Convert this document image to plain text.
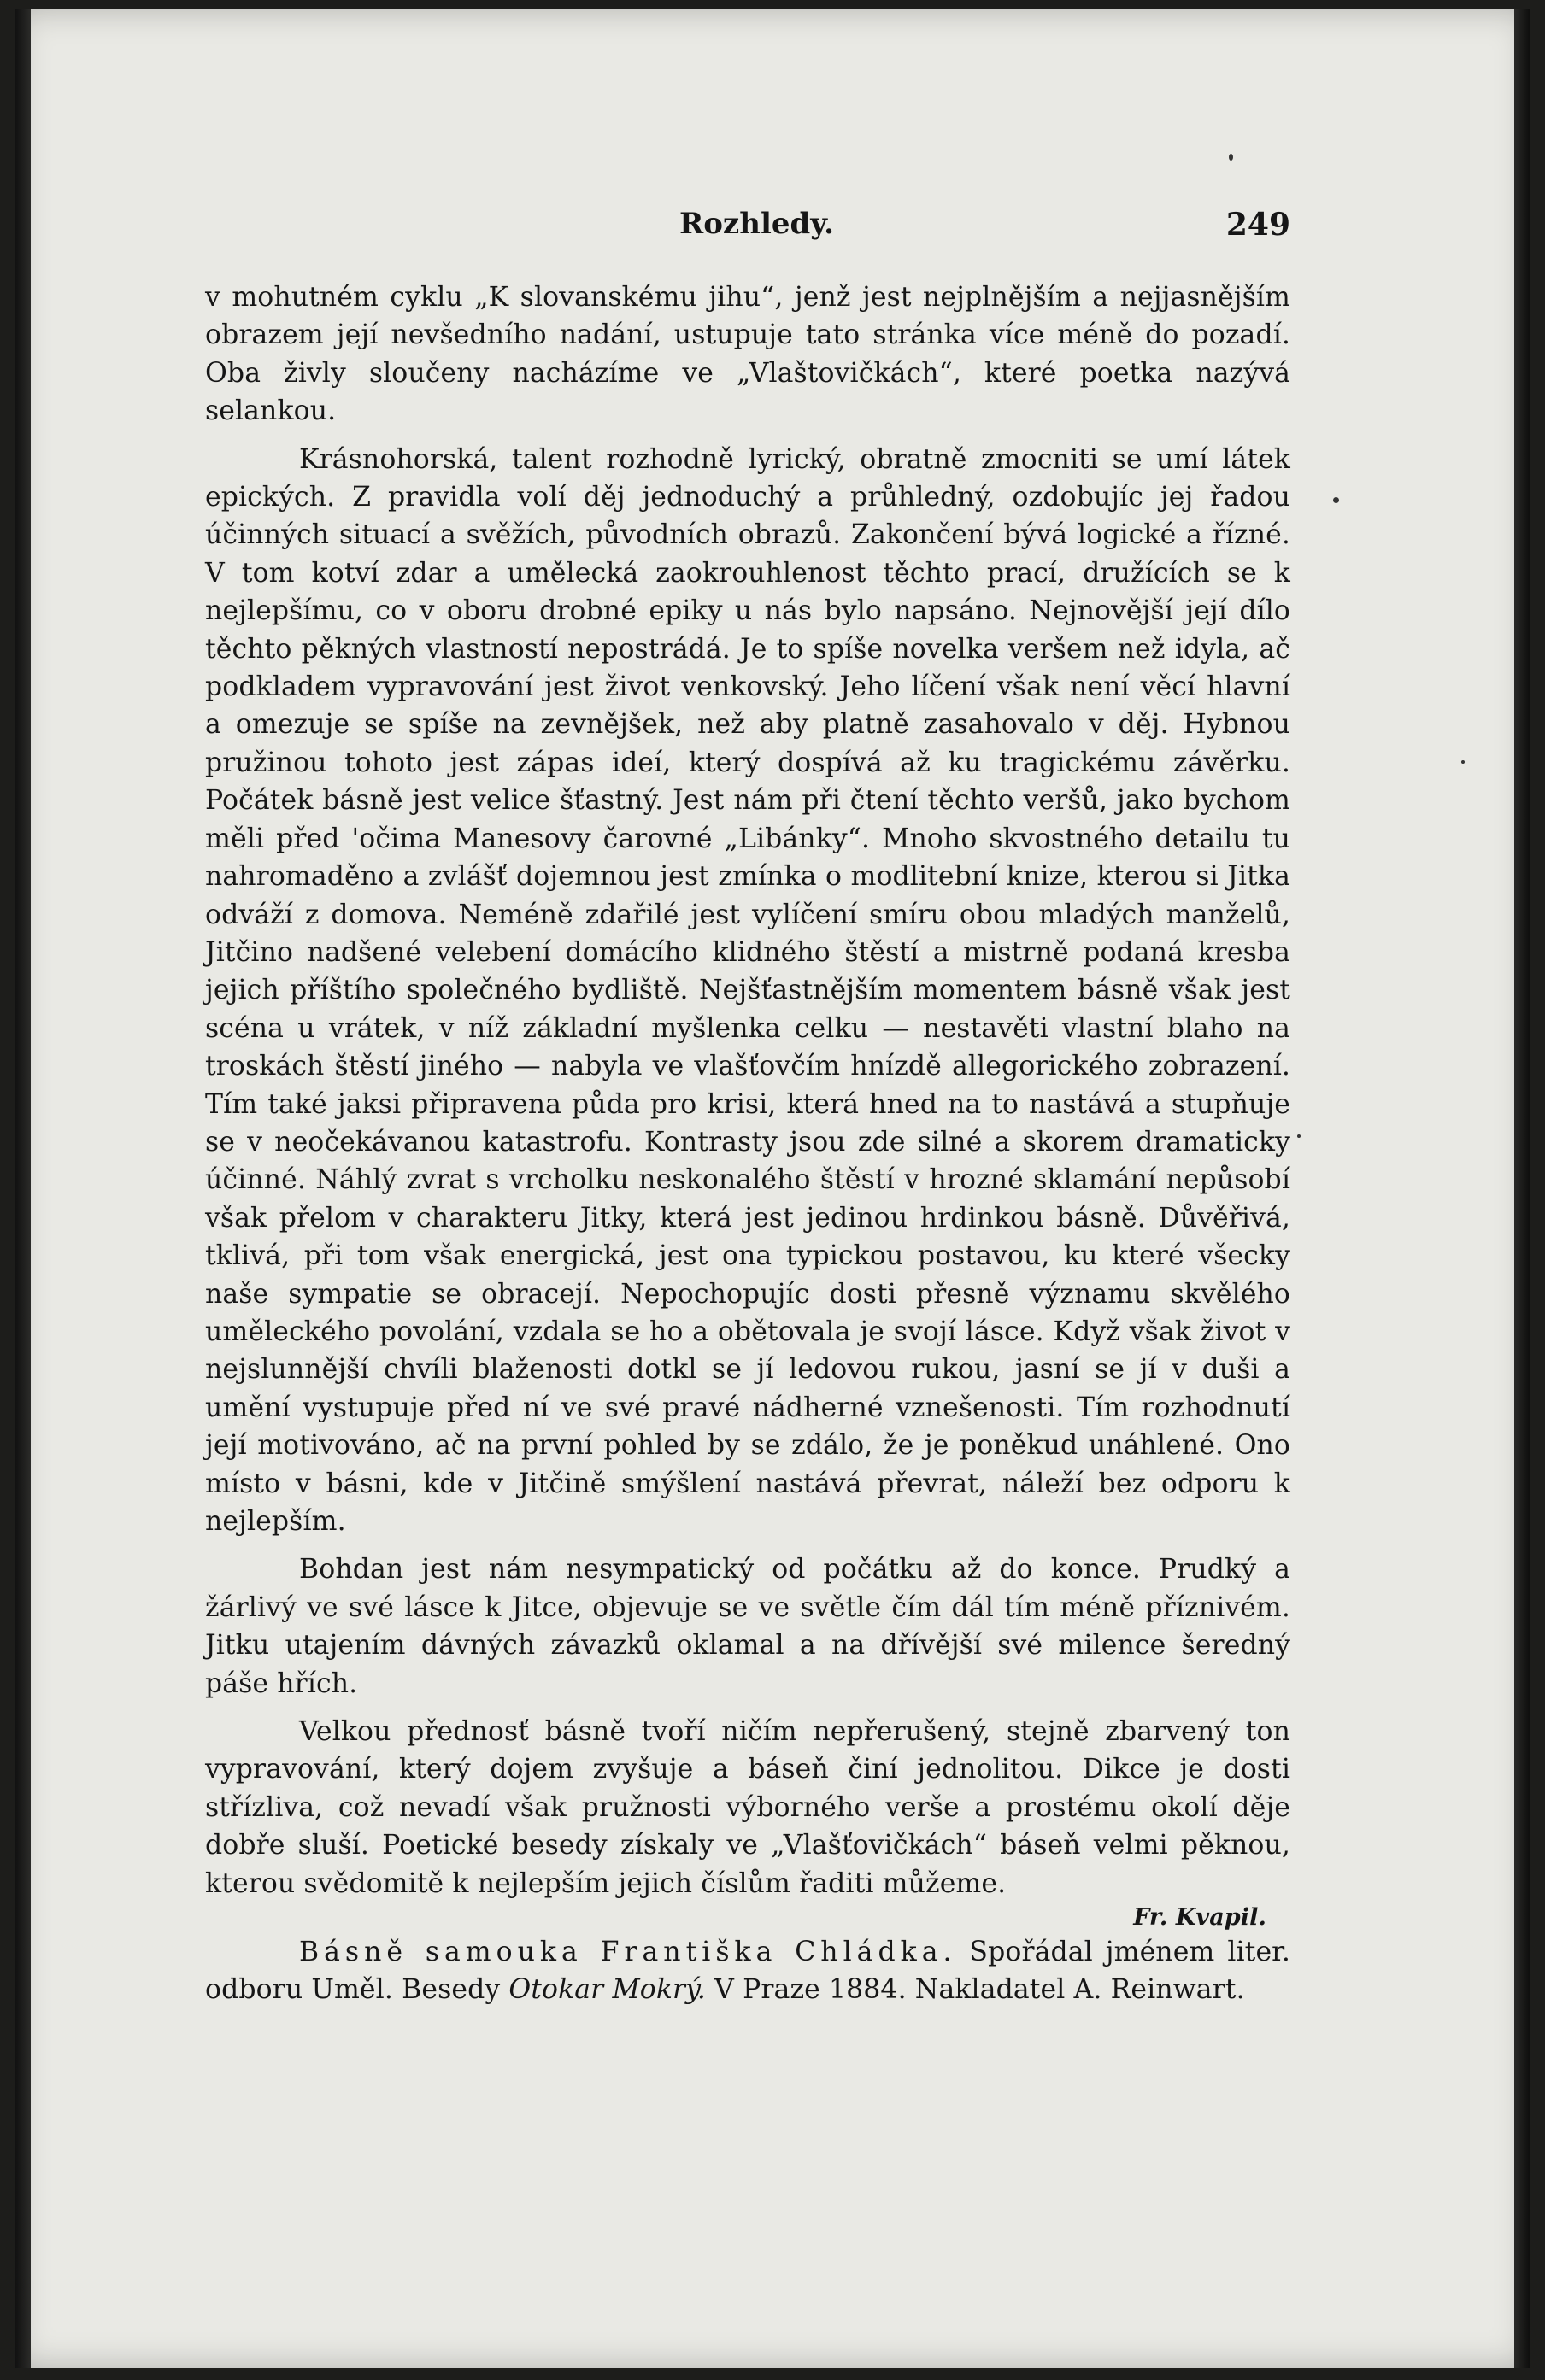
Rozhledy.	249

v mohutném cyklu „K slovanskému jihu“, jenž jest nejplnějším a nejjasnějším obrazem její nevšedního nadání, ustupuje tato stránka více méně do pozadí. Oba živly sloučeny nacházíme ve „Vlaštovičkách“, které poetka nazývá selankou.

Krásnohorská, talent rozhodně lyrický, obratně zmocniti se umí látek epických. Z pravidla volí děj jednoduchý a průhledný, ozdobujíc jej řadou účinných situací a svěžích, původních obrazů. Zakončení bývá logické a řízné. V tom kotví zdar a umělecká zaokrouhlenost těchto prací, družících se k nejlepšímu, co v oboru drobné epiky u nás bylo napsáno. Nejnovější její dílo těchto pěkných vlastností nepostrádá. Je to spíše novelka veršem než idyla, ač podkladem vypravování jest život venkovský. Jeho líčení však není věcí hlavní a omezuje se spíše na zevnějšek, než aby platně zasahovalo v děj. Hybnou pružinou tohoto jest zápas ideí, který dospívá až ku tragickému závěrku. Počátek básně jest velice šťastný. Jest nám při čtení těchto veršů, jako bychom měli před 'očima Manesovy čarovné „Libánky“. Mnoho skvostného detailu tu nahromaděno a zvlášť dojemnou jest zmínka o modlitební knize, kterou si Jitka odváží z domova. Neméně zdařilé jest vylíčení smíru obou mladých manželů, Jitčino nadšené velebení domácího klidného štěstí a mistrně podaná kresba jejich příštího společného bydliště. Nejšťastnějším momentem básně však jest scéna u vrátek, v níž základní myšlenka celku — nestavěti vlastní blaho na troskách štěstí jiného — nabyla ve vlašťovčím hnízdě allegorického zobrazení. Tím také jaksi připravena půda pro krisi, která hned na to nastává a stupňuje se v neočekávanou katastrofu. Kontrasty jsou zde silné a skorem dramaticky účinné. Náhlý zvrat s vrcholku neskonalého štěstí v hrozné sklamání nepůsobí však přelom v charakteru Jitky, která jest jedinou hrdinkou básně. Důvěřivá, tklivá, při tom však energická, jest ona typickou postavou, ku které všecky naše sympatie se obracejí. Nepochopujíc dosti přesně významu skvělého uměleckého povolání, vzdala se ho a obětovala je svojí lásce. Když však život v nejslunnější chvíli blaženosti dotkl se jí ledovou rukou, jasní se jí v duši a umění vystupuje před ní ve své pravé nádherné vznešenosti. Tím rozhodnutí její motivováno, ač na první pohled by se zdálo, že je poněkud unáhlené. Ono místo v básni, kde v Jitčině smýšlení nastává převrat, náleží bez odporu k nejlepším.

Bohdan jest nám nesympatický od počátku až do konce. Prudký a žárlivý ve své lásce k Jitce, objevuje se ve světle čím dál tím méně příznivém. Jitku utajením dávných závazků oklamal a na dřívější své milence šeredný páše hřích.

Velkou přednosť básně tvoří ničím nepřerušený, stejně zbarvený ton vypravování, který dojem zvyšuje a báseň činí jednolitou. Dikce je dosti střízliva, což nevadí však pružnosti výborného verše a prostému okolí děje dobře sluší. Poetické besedy získaly ve „Vlašťovičkách“ báseň velmi pěknou, kterou svědomitě k nejlepším jejich číslům řaditi můžeme.

Fr. Kvapil.

Básně samouka Františka Chládka. Spořádal jménem liter. odboru Uměl. Besedy Otokar Mokrý. V Praze 1884. Nakladatel A. Reinwart.
